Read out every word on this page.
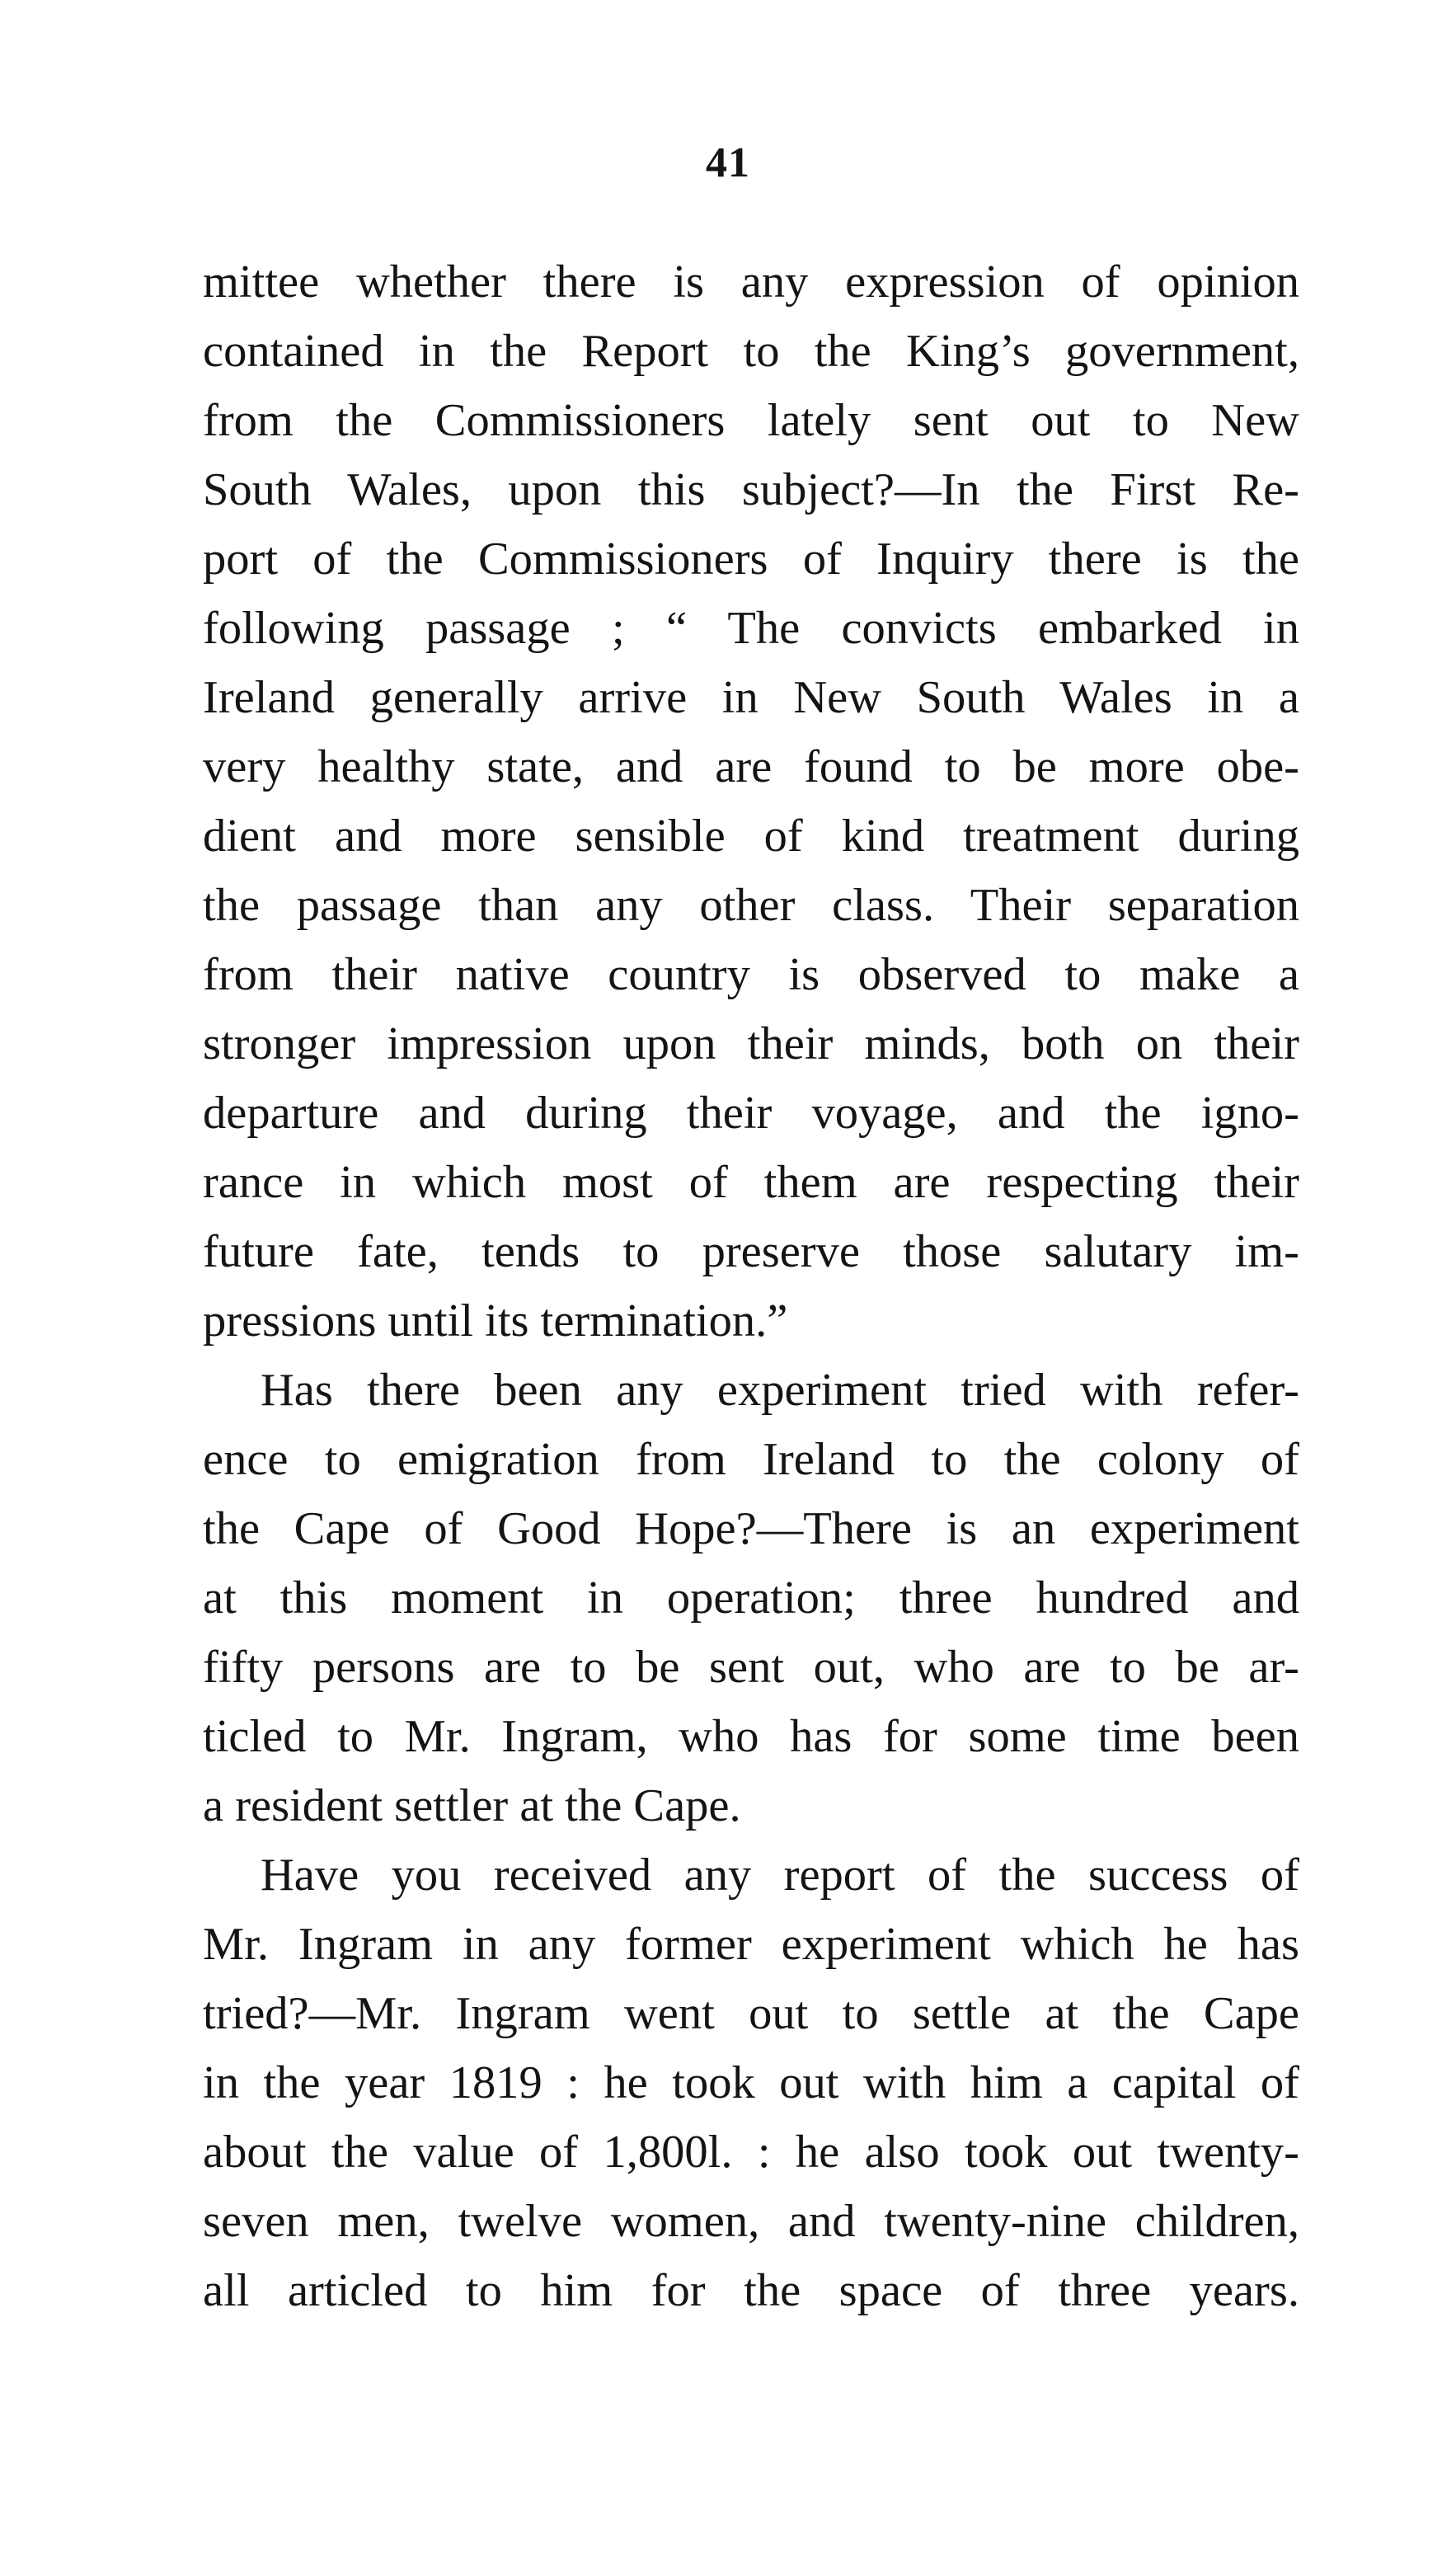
41
mittee whether there is any expression of opinion
contained in the Report to the King’s government,
from the Commissioners lately sent out to New
South Wales, upon this subject?—In the First Re-
port of the Commissioners of Inquiry there is the
following passage ; “ The convicts embarked in
Ireland generally arrive in New South Wales in a
very healthy state, and are found to be more obe-
dient and more sensible of kind treatment during
the passage than any other class. Their separation
from their native country is observed to make a
stronger impression upon their minds, both on their
departure and during their voyage, and the igno-
rance in which most of them are respecting their
future fate, tends to preserve those salutary im-
pressions until its termination.”
Has there been any experiment tried with refer-
ence to emigration from Ireland to the colony of
the Cape of Good Hope?—There is an experiment
at this moment in operation; three hundred and
fifty persons are to be sent out, who are to be ar-
ticled to Mr. Ingram, who has for some time been
a resident settler at the Cape.
Have you received any report of the success of
Mr. Ingram in any former experiment which he has
tried?—Mr. Ingram went out to settle at the Cape
in the year 1819 : he took out with him a capital of
about the value of 1,800l. : he also took out twenty-
seven men, twelve women, and twenty-nine children,
all articled to him for the space of three years.
